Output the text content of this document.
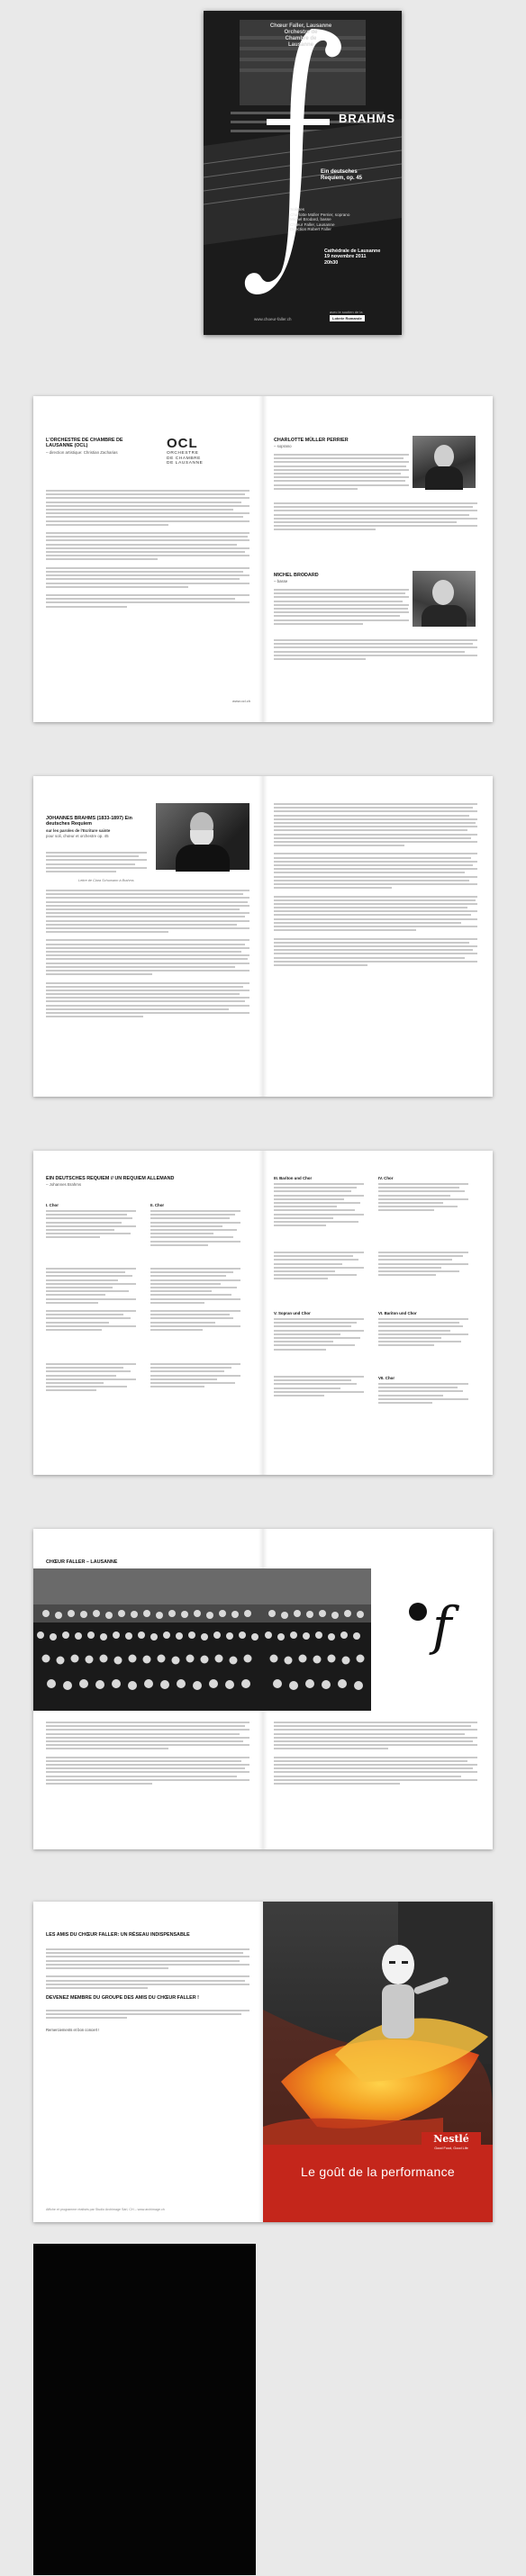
Chœur Faller, Lausanne
Orchestre de
Chambre de
Lausanne
BRAHMS
Ein deutsches
Requiem, op. 45
Solistes
Charlotte Müller Perrier, soprano
Michel Brodard, basse
Chœur Faller, Lausanne
Direction Robert Faller
Cathédrale de Lausanne
19 novembre 2011
20h30
www.choeur-faller.ch
avec le soutien de la
Loterie Romande
L'ORCHESTRE DE CHAMBRE DE LAUSANNE (OCL)
– direction artistique: Christian Zacharias
OCL
ORCHESTRE
DE CHAMBRE
DE LAUSANNE
www.ocl.ch
CHARLOTTE MÜLLER PERRIER
– soprano
MICHEL BRODARD
– basse
JOHANNES BRAHMS (1833-1897) Ein deutsches Requiem
sur les paroles de l'Ecriture sainte
pour soli, chœur et orchestre op. 45
Lettre de Clara Schumann à Brahms
EIN DEUTSCHES REQUIEM // UN REQUIEM ALLEMAND
– Johannes Brahms
I. Chor	II. Chor
III. Bariton und Chor	IV. Chor
V. Sopran und Chor	VI. Bariton und Chor
VII. Chor
CHŒUR FALLER – LAUSANNE
f
LES AMIS DU CHŒUR FALLER: UN RÉSEAU INDISPENSABLE
DEVENEZ MEMBRE DU GROUPE DES AMIS DU CHŒUR FALLER !
Remerciements et bon concert !
Affiche et programme réalisés par Studio Archimage Sàrl, CH – www.archimage.ch
Nestlé
Good Food, Good Life
Le goût de la performance
